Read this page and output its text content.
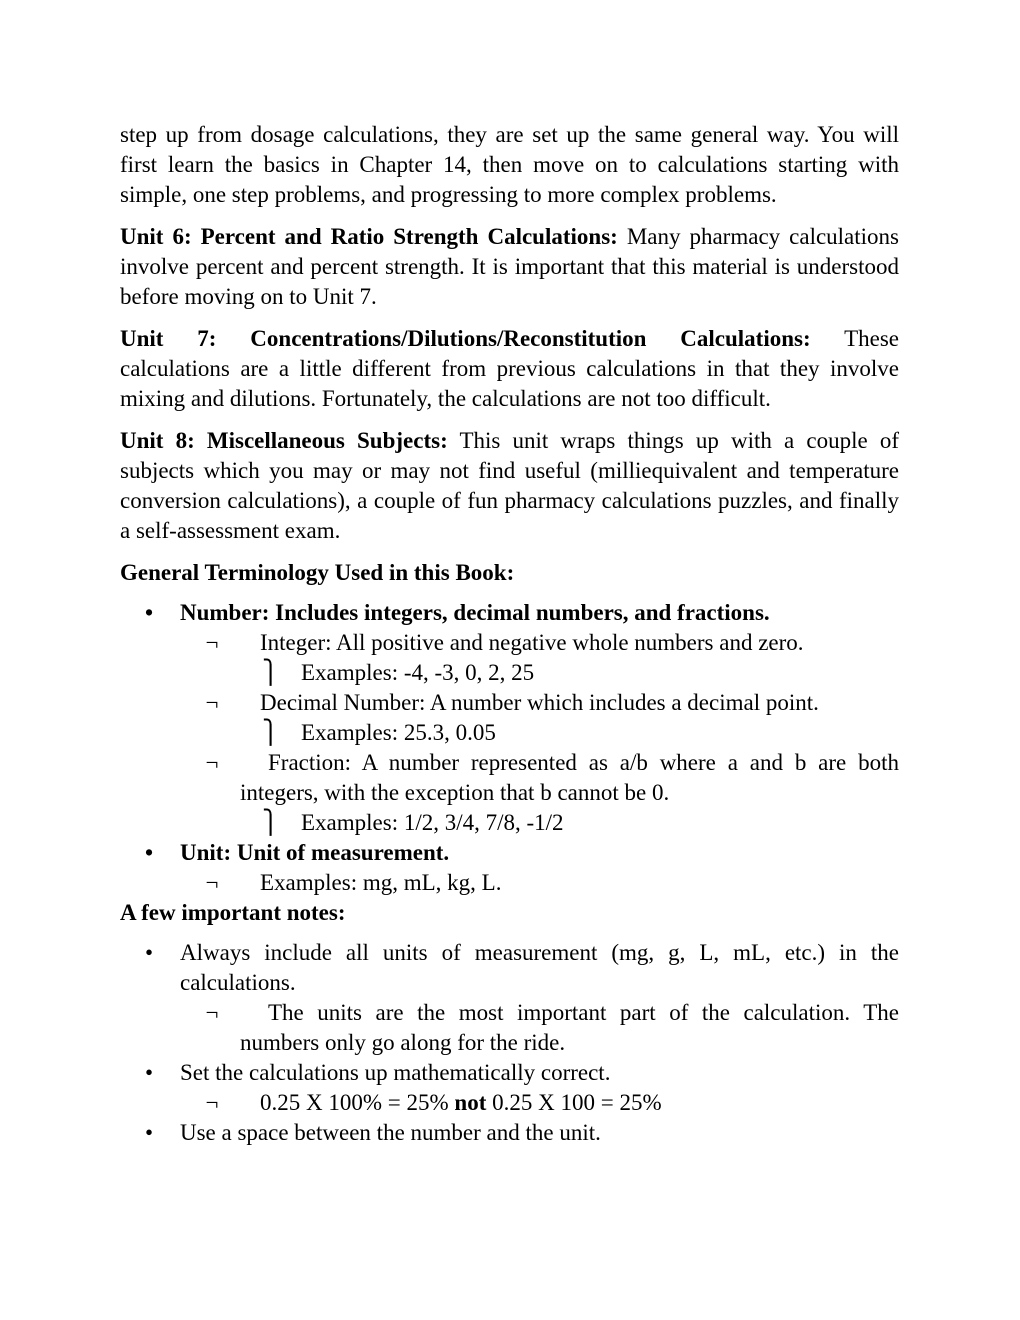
step up from dosage calculations, they are set up the same general way. You will first learn the basics in Chapter 14, then move on to calculations starting with simple, one step problems, and progressing to more complex problems.

Unit 6: Percent and Ratio Strength Calculations: Many pharmacy calculations involve percent and percent strength. It is important that this material is understood before moving on to Unit 7.

Unit 7: Concentrations/Dilutions/Reconstitution Calculations: These calculations are a little different from previous calculations in that they involve mixing and dilutions. Fortunately, the calculations are not too difficult.

Unit 8: Miscellaneous Subjects: This unit wraps things up with a couple of subjects which you may or may not find useful (milliequivalent and temperature conversion calculations), a couple of fun pharmacy calculations puzzles, and finally a self-assessment exam.

General Terminology Used in this Book:
• Number: Includes integers, decimal numbers, and fractions.
¬	Integer: All positive and negative whole numbers and zero.
⎫ Examples: -4, -3, 0, 2, 25
¬	Decimal Number: A number which includes a decimal point.
⎫ Examples: 25.3, 0.05
¬	Fraction: A number represented as a/b where a and b are both integers, with the exception that b cannot be 0.
⎫ Examples: 1/2, 3/4, 7/8, -1/2
• Unit: Unit of measurement.
¬	Examples: mg, mL, kg, L.
A few important notes:
• Always include all units of measurement (mg, g, L, mL, etc.) in the calculations.
¬	The units are the most important part of the calculation. The numbers only go along for the ride.
• Set the calculations up mathematically correct.
¬	0.25 X 100% = 25% not 0.25 X 100 = 25%
• Use a space between the number and the unit.
